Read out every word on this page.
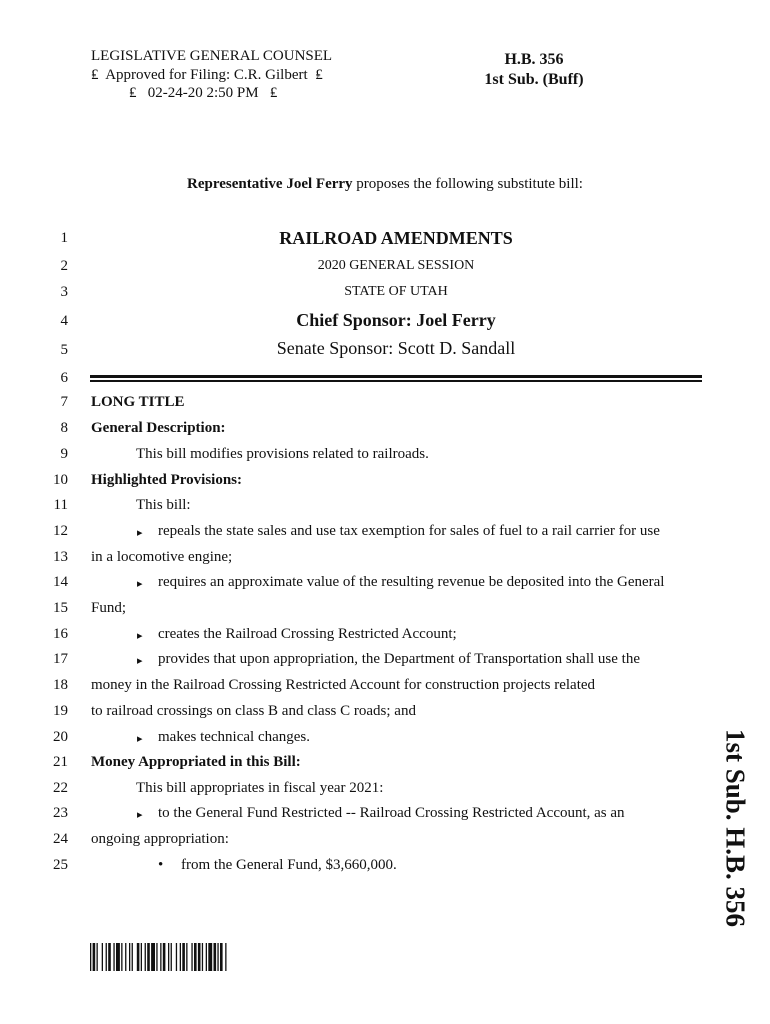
LEGISLATIVE GENERAL COUNSEL
₤ Approved for Filing: C.R. Gilbert ₤
₤ 02-24-20 2:50 PM ₤
H.B. 356
1st Sub. (Buff)
Representative Joel Ferry proposes the following substitute bill:
1	RAILROAD AMENDMENTS
2	2020 GENERAL SESSION
3	STATE OF UTAH
4	Chief Sponsor: Joel Ferry
5	Senate Sponsor: Scott D. Sandall
6
7 LONG TITLE
8 General Description:
9	This bill modifies provisions related to railroads.
10 Highlighted Provisions:
11	This bill:
12	▸ repeals the state sales and use tax exemption for sales of fuel to a rail carrier for use
13 in a locomotive engine;
14	▸ requires an approximate value of the resulting revenue be deposited into the General
15 Fund;
16	▸ creates the Railroad Crossing Restricted Account;
17	▸ provides that upon appropriation, the Department of Transportation shall use the
18 money in the Railroad Crossing Restricted Account for construction projects related
19 to railroad crossings on class B and class C roads; and
20	▸ makes technical changes.
21 Money Appropriated in this Bill:
22	This bill appropriates in fiscal year 2021:
23	▸ to the General Fund Restricted -- Railroad Crossing Restricted Account, as an
24 ongoing appropriation:
25	• from the General Fund, $3,660,000.	1st Sub. H.B. 356
